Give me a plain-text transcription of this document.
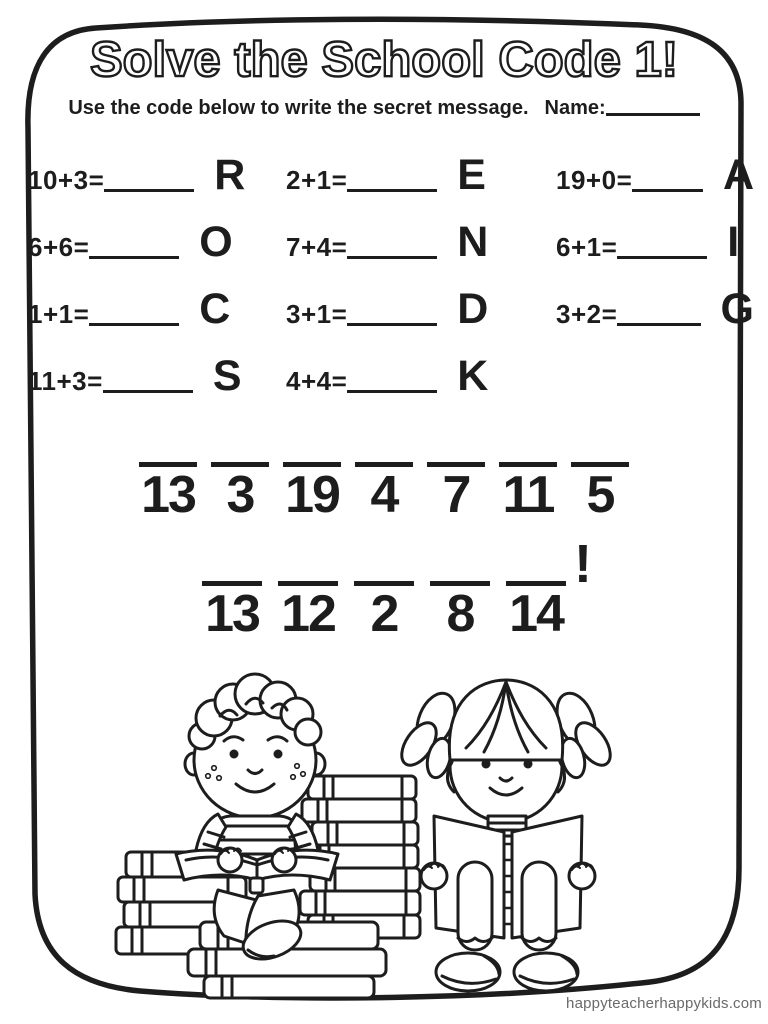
Solve the School Code 1!
Use the code below to write the secret message. Name:
10+3=	R 2+1=	E	19+0= A
6+6=	O 7+4=	N	6+1=	I
1+1=	C 3+1=	D	3+2= G
11+3=	S 4+4=	K
13 3 19 4 7 11 5
13 12 2 8 14
!
happyteacherhappykids.com
